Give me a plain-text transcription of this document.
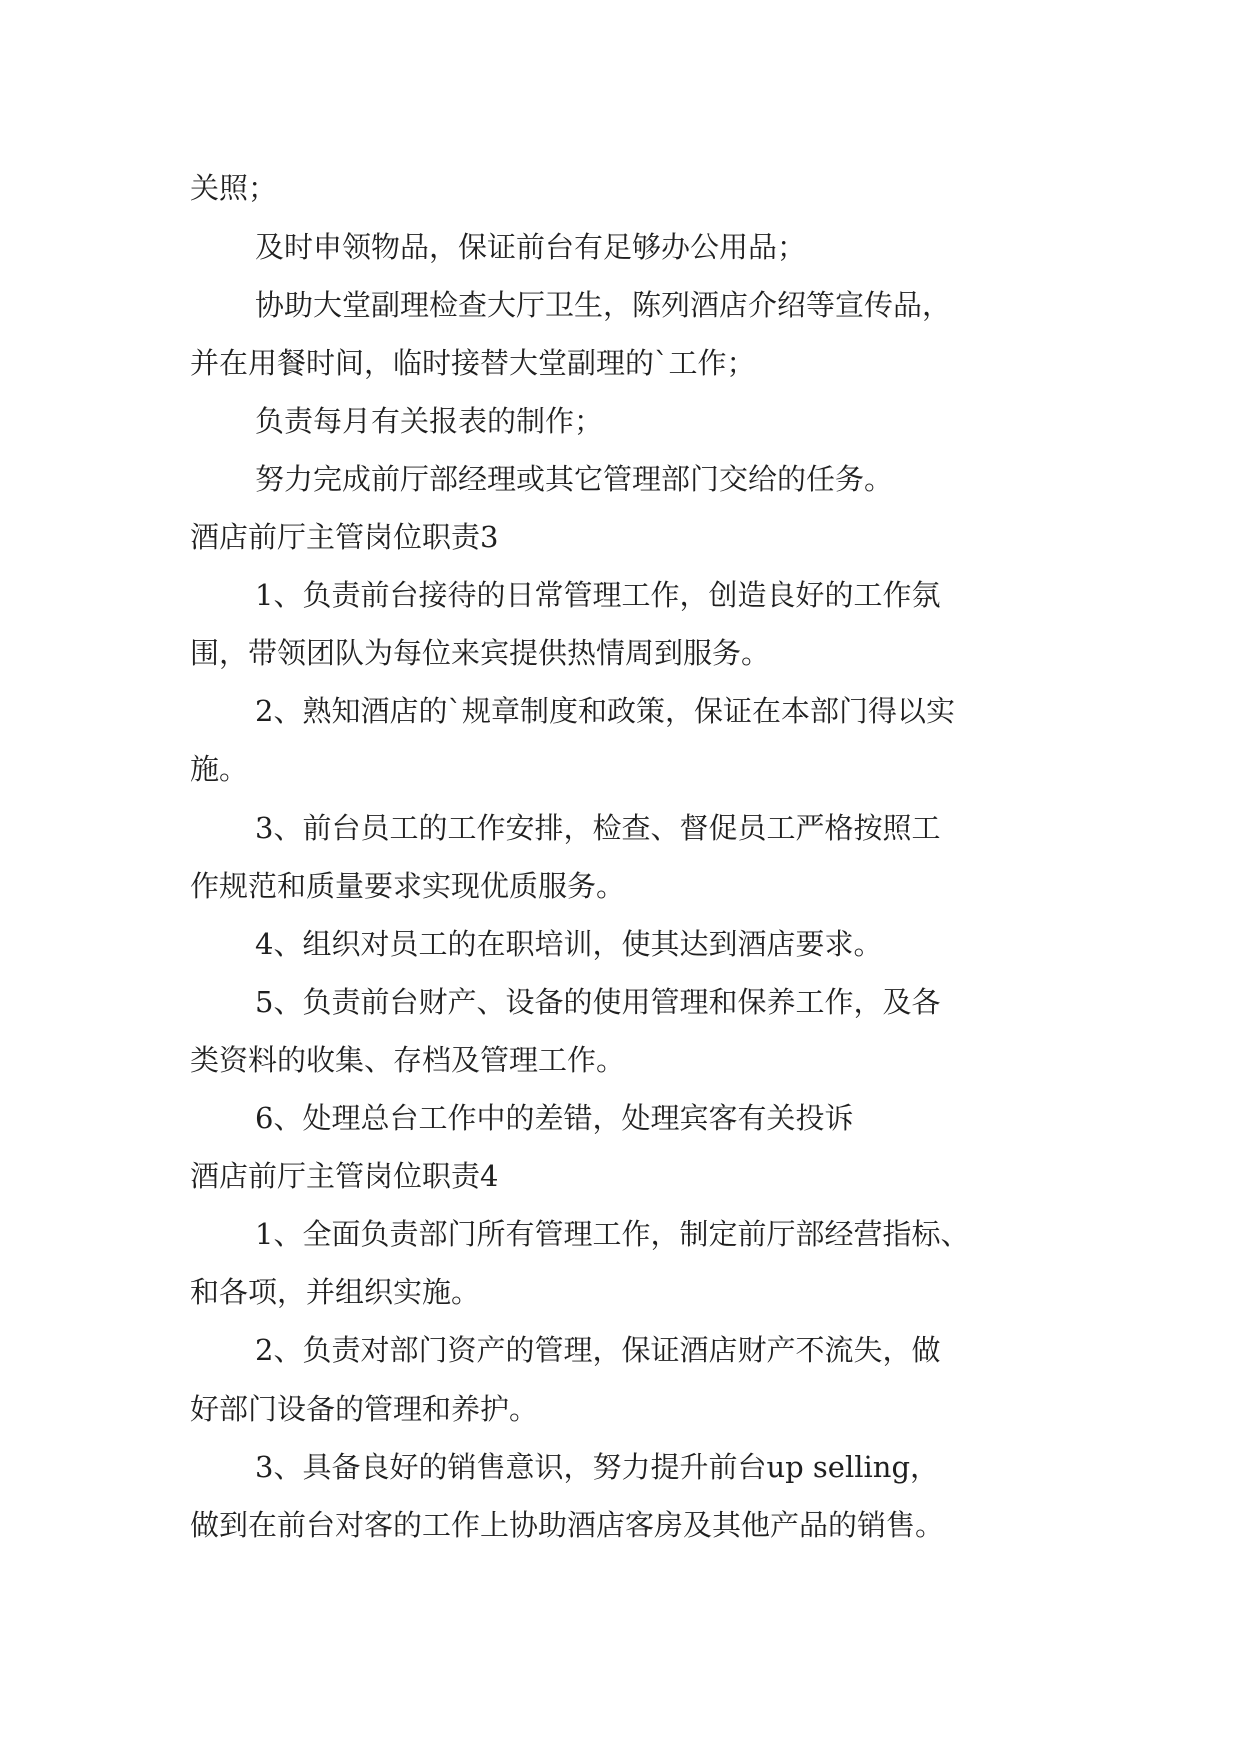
关照；

及时申领物品，保证前台有足够办公用品；

协助大堂副理检查大厅卫生，陈列酒店介绍等宣传品，

并在用餐时间，临时接替大堂副理的`工作；

负责每月有关报表的制作；

努力完成前厅部经理或其它管理部门交给的任务。

酒店前厅主管岗位职责3

1、负责前台接待的日常管理工作，创造良好的工作氛

围，带领团队为每位来宾提供热情周到服务。

2、熟知酒店的`规章制度和政策，保证在本部门得以实

施。

3、前台员工的工作安排，检查、督促员工严格按照工

作规范和质量要求实现优质服务。

4、组织对员工的在职培训，使其达到酒店要求。

5、负责前台财产、设备的使用管理和保养工作，及各

类资料的收集、存档及管理工作。

6、处理总台工作中的差错，处理宾客有关投诉

酒店前厅主管岗位职责4

1、全面负责部门所有管理工作，制定前厅部经营指标、

和各项，并组织实施。

2、负责对部门资产的管理，保证酒店财产不流失，做

好部门设备的管理和养护。

3、具备良好的销售意识，努力提升前台up selling，

做到在前台对客的工作上协助酒店客房及其他产品的销售。
